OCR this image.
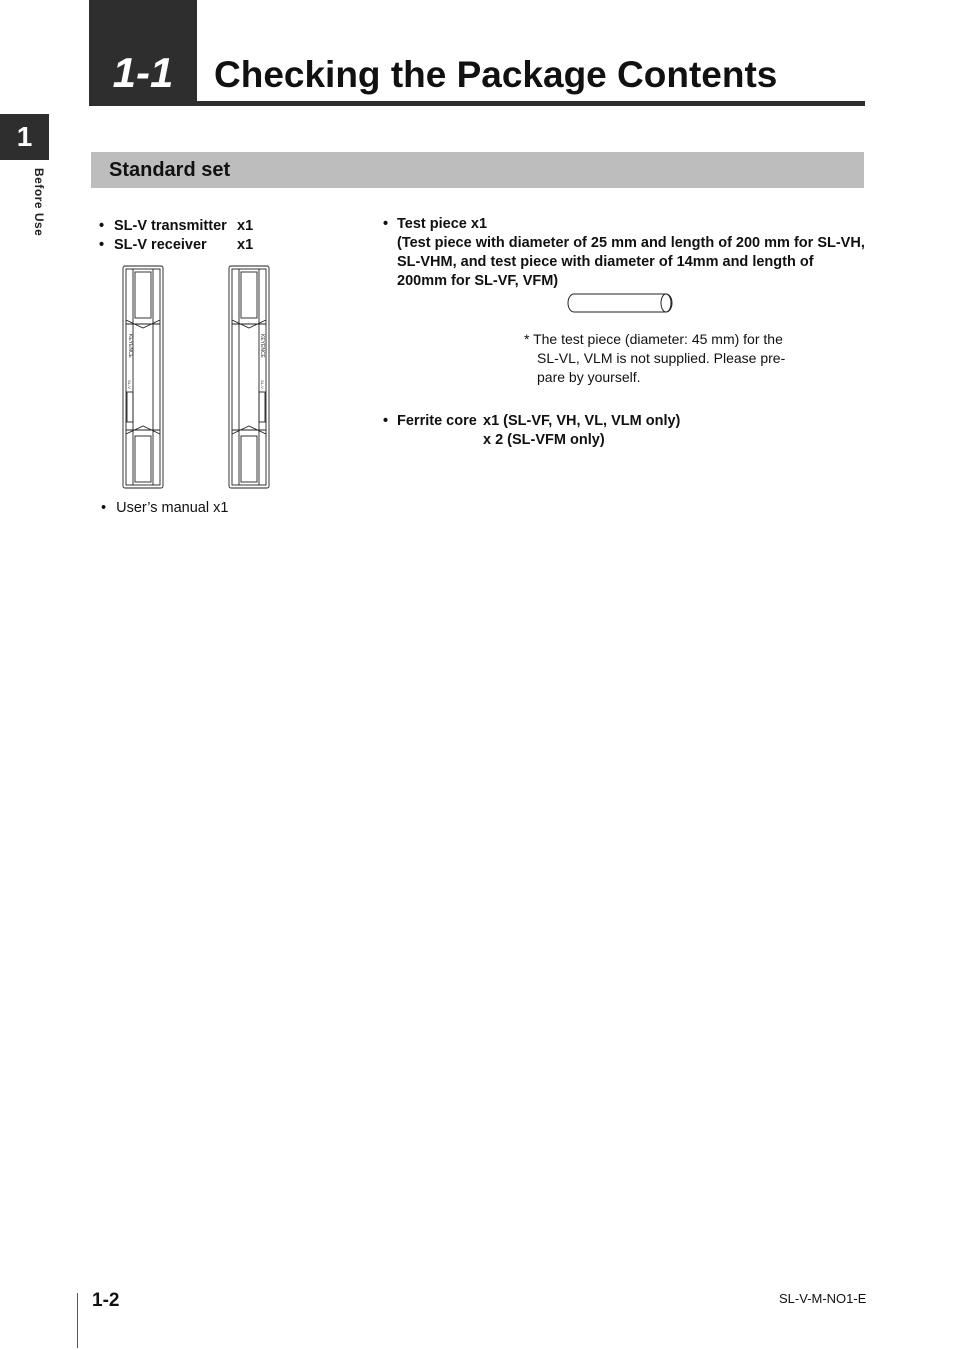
1-1	Checking the Package Contents
1
Before Use	Standard set
• SL-V transmitter x1
• SL-V receiver x1
KEYENCE
SL-V
KEYENCE
SL-V
• User’s manual x1
• Test piece x1
(Test piece with diameter of 25 mm and length of 200 mm for SL-VH,
SL-VHM, and test piece with diameter of 14mm and length of
200mm for SL-VF, VFM)
* The test piece (diameter: 45 mm) for the
SL-VL, VLM is not supplied. Please pre-
pare by yourself.
• Ferrite core x1 (SL-VF, VH, VL, VLM only)
x 2 (SL-VFM only)
1-2	SL-V-M-NO1-E
